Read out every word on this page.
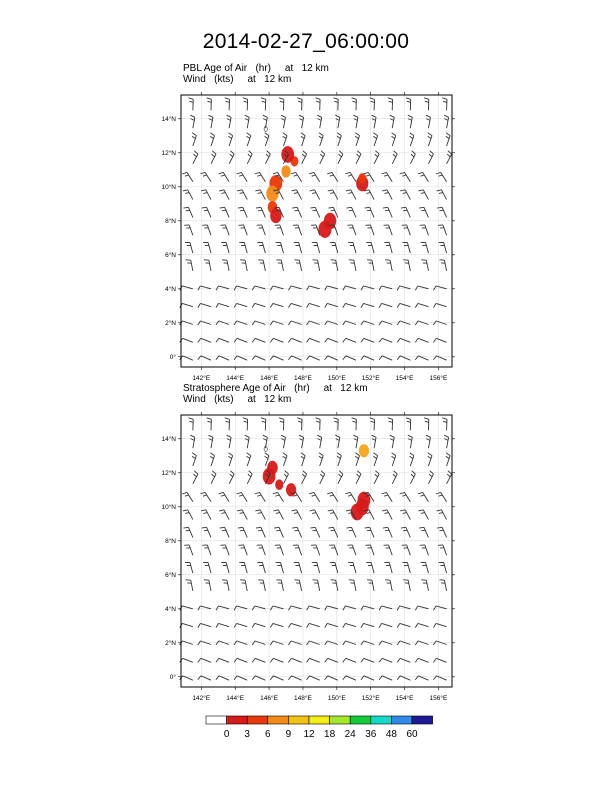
2014-02-27_06:00:00
PBL Age of Air   (hr)     at   12 km
Wind   (kts)     at   12 km
Stratosphere Age of Air   (hr)     at   12 km
Wind   (kts)     at   12 km
142°E 144°E 146°E 148°E 150°E 152°E 154°E 156°E
0°
2°N
4°N
6°N
8°N
10°N
12°N
14°N
142°E 144°E 146°E 148°E 150°E 152°E 154°E 156°E
0°
2°N
4°N
6°N
8°N
10°N
12°N
14°N
0	3	6	9	12 18 24 36 48 60
